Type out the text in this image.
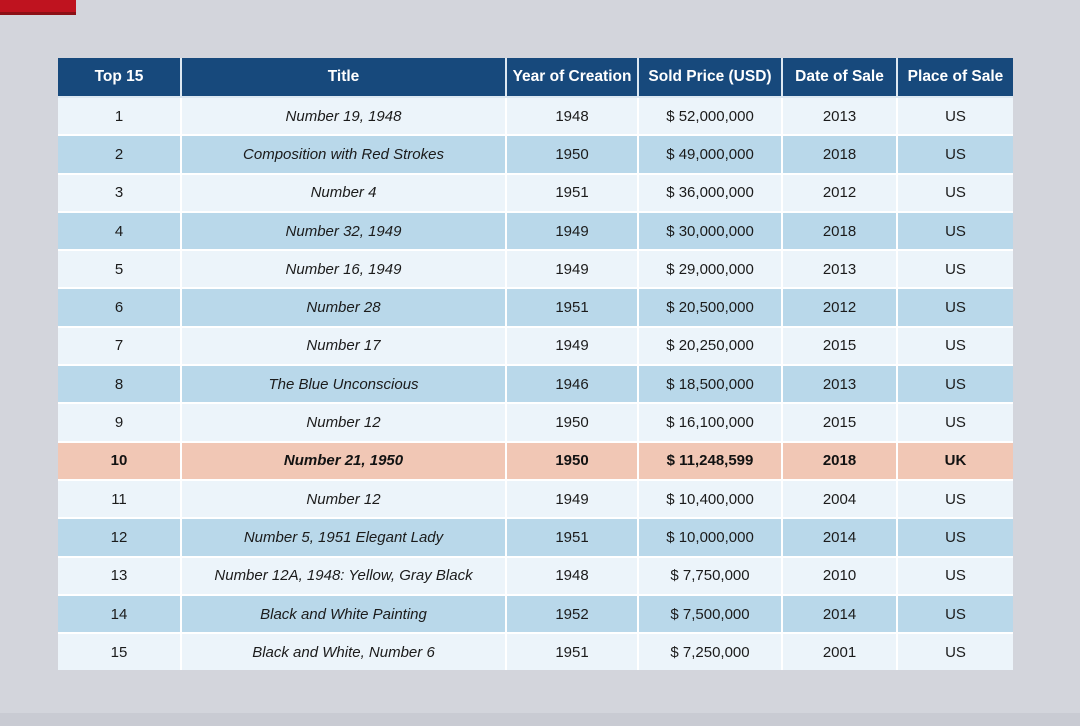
Top 15	Title	Year of Creation	Sold Price (USD)	Date of Sale	Place of Sale
1	Number 19, 1948	1948	$ 52,000,000	2013	US
2	Composition with Red Strokes	1950	$ 49,000,000	2018	US
3	Number 4	1951	$ 36,000,000	2012	US
4	Number 32, 1949	1949	$ 30,000,000	2018	US
5	Number 16, 1949	1949	$ 29,000,000	2013	US
6	Number 28	1951	$ 20,500,000	2012	US
7	Number 17	1949	$ 20,250,000	2015	US
8	The Blue Unconscious	1946	$ 18,500,000	2013	US
9	Number 12	1950	$ 16,100,000	2015	US
10	Number 21, 1950	1950	$ 11,248,599	2018	UK
11	Number 12	1949	$ 10,400,000	2004	US
12	Number 5, 1951 Elegant Lady	1951	$ 10,000,000	2014	US
13	Number 12A, 1948: Yellow, Gray Black	1948	$ 7,750,000	2010	US
14	Black and White Painting	1952	$ 7,500,000	2014	US
15	Black and White, Number 6	1951	$ 7,250,000	2001	US
